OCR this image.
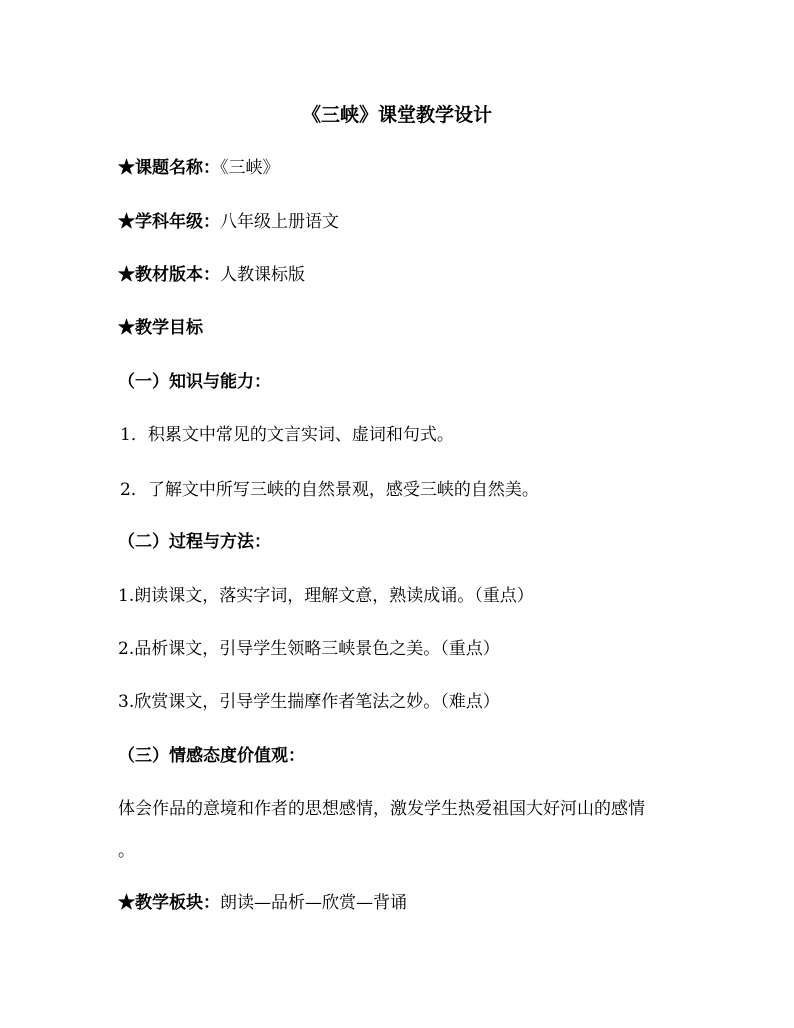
《三峡》课堂教学设计
★课题名称：《三峡》
★学科年级：八年级上册语文
★教材版本：人教课标版
★教学目标
（一）知识与能力：
1．积累文中常见的文言实词、虚词和句式。
2．了解文中所写三峡的自然景观，感受三峡的自然美。
（二）过程与方法：
1.朗读课文，落实字词，理解文意，熟读成诵。（重点）
2.品析课文，引导学生领略三峡景色之美。（重点）
3.欣赏课文，引导学生揣摩作者笔法之妙。（难点）
（三）情感态度价值观：
体会作品的意境和作者的思想感情，激发学生热爱祖国大好河山的感情
。
★教学板块：朗读—品析—欣赏—背诵
